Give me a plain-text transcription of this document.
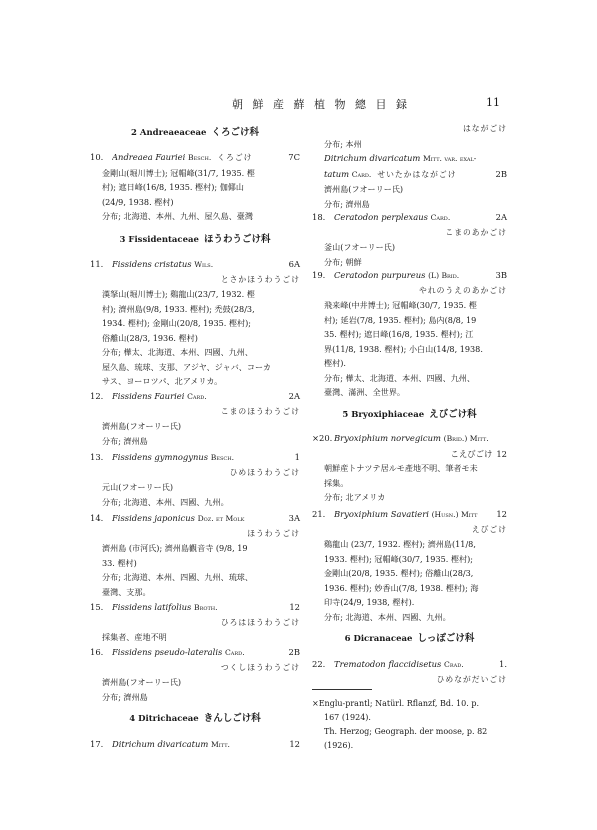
朝 鮮 産 蘚 植 物 總 目 録	11
2 Andreaeaceae くろごけ科
10.	Andreaea Fauriei Besch. くろごけ	7C
金剛山(堀川博士); 冠帽峰(31/7, 1935. 樫
村); 遮日峰(16/8, 1935. 樫村); 伽倻山
(24/9, 1938. 樫村)
分布; 北海道、本州、九州、屋久島、臺灣
3 Fissidentaceae ほうわうごけ科
11.	Fissidens cristatus Wils.	6A
とさかほうわうごけ
漢拏山(堀川博士); 鷄龍山(23/7, 1932. 樫
村); 濟州島(9/8, 1933. 樫村); 禿鼓(28/3,
1934. 樫村); 金剛山(20/8, 1935. 樫村);
俗離山(28/3, 1936. 樫村)
分布; 樺太、北海道、本州、四國、九州、
屋久島、琉球、支那、アジヤ、ジャバ、コーカ
サス、ヨーロツパ、北アメリカ。
12.	Fissidens Fauriei Card.	2A
こまのほうわうごけ
濟州島(フオーリー氏)
分布; 濟州島
13.	Fissidens gymnogynus Besch.	1
ひめほうわうごけ
元山(フオーリー氏)
分布; 北海道、本州、四國、九州。
14.	Fissidens japonicus Doz. et Molk	3A
ほうわうごけ
濟州島 (市河氏); 濟州島觀音寺 (9/8, 19
33. 樫村)
分布; 北海道、本州、四國、九州、琉球、
臺灣、支那。
15.	Fissidens latifolius Broth.	12
ひろはほうわうごけ
採集者、産地不明
16.	Fissidens pseudo-lateralis Card.	2B
つくしほうわうごけ
濟州島(フオーリー氏)
分布; 濟州島
4 Ditrichaceae きんしごけ科
17.	Ditrichum divaricatum Mitt.	12
はながごけ
分布; 本州
Ditrichum divaricatum Mitt. var. exal-
tatum Card. せいたかはながごけ	2B
濟州島(フオーリー氏)
分布; 濟州島
18.	Ceratodon perplexaus Card.	2A
こまのあかごけ
釜山(フオーリー氏)
分布; 朝鮮
19.	Ceratodon purpureus (L) Brid.	3B
やれのうえのあかごけ
飛来峰(中井博士); 冠帽峰(30/7, 1935. 樫
村); 延岩(7/8, 1935. 樫村); 島内(8/8, 19
35. 樫村); 遮日峰(16/8, 1935. 樫村); 江
界(11/8, 1938. 樫村); 小白山(14/8, 1938.
樫村).
分布; 樺太、北海道、本州、四國、九州、
臺灣、滿洲、全世界。
5 Bryoxiphiaceae えびごけ科
×20. Bryoxiphium norvegicum (Brid.) Mitt.
こえびごけ 12
朝鮮産トナツテ居ルモ產地不明、筆者モ未
採集。
分布; 北アメリカ
21.	Bryoxiphium Savatieri (Husn.) Mitt	12
えびごけ
鷄龍山 (23/7, 1932. 樫村); 濟州島(11/8,
1933. 樫村); 冠帽峰(30/7, 1935. 樫村);
金剛山(20/8, 1935. 樫村); 俗離山(28/3,
1936. 樫村); 妙香山(7/8, 1938. 樫村); 海
印寺(24/9, 1938, 樫村).
分布; 北海道、本州、四國、九州。
6 Dicranaceae しっぽごけ科
22.	Trematodon flaccidisetus Crad.	1.
ひめながだいごけ
×Englu-prantl; Natürl. Rflanzf, Bd. 10. p.
167 (1924).
Th. Herzog; Geograph. der moose, p. 82
(1926).
